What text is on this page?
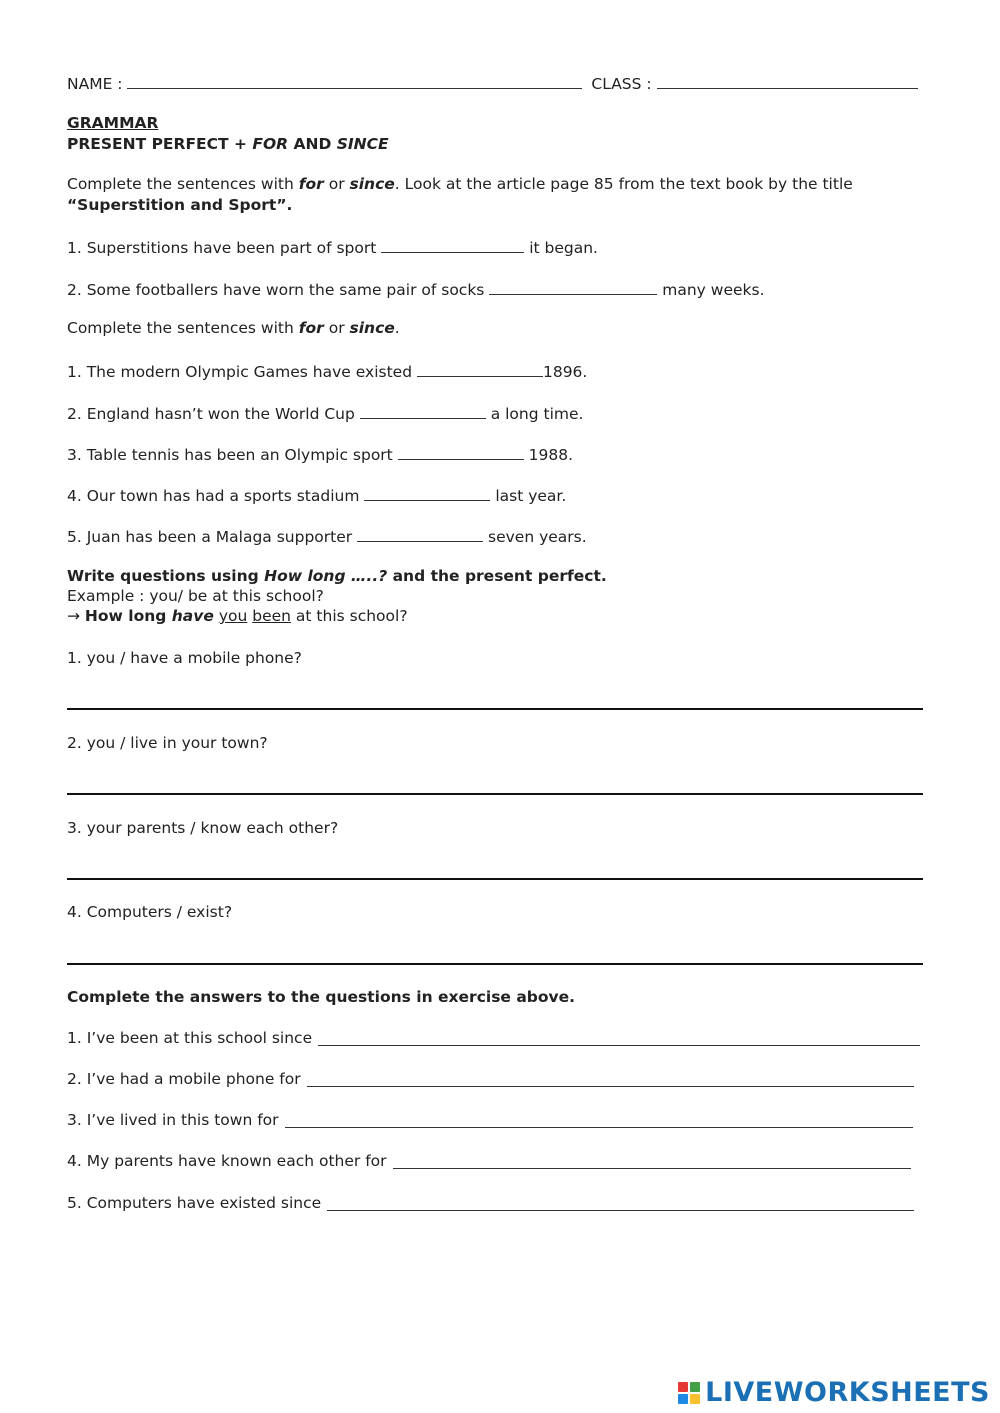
NAME :	CLASS :
GRAMMAR
PRESENT PERFECT + FOR AND SINCE
Complete the sentences with for or since. Look at the article page 85 from the text book by the title
“Superstition and Sport”.
1. Superstitions have been part of sport	it began.
2. Some footballers have worn the same pair of socks	many weeks.
Complete the sentences with for or since.
1. The modern Olympic Games have existed	1896.
2. England hasn’t won the World Cup	a long time.
3. Table tennis has been an Olympic sport	1988.
4. Our town has had a sports stadium	last year.
5. Juan has been a Malaga supporter	seven years.
Write questions using How long …..? and the present perfect.
Example : you/ be at this school?
→ How long have you been at this school?
1. you / have a mobile phone?
2. you / live in your town?
3. your parents / know each other?
4. Computers / exist?
Complete the answers to the questions in exercise above.
1. I’ve been at this school since
2. I’ve had a mobile phone for
3. I’ve lived in this town for
4. My parents have known each other for
5. Computers have existed since
LIVEWORKSHEETS
